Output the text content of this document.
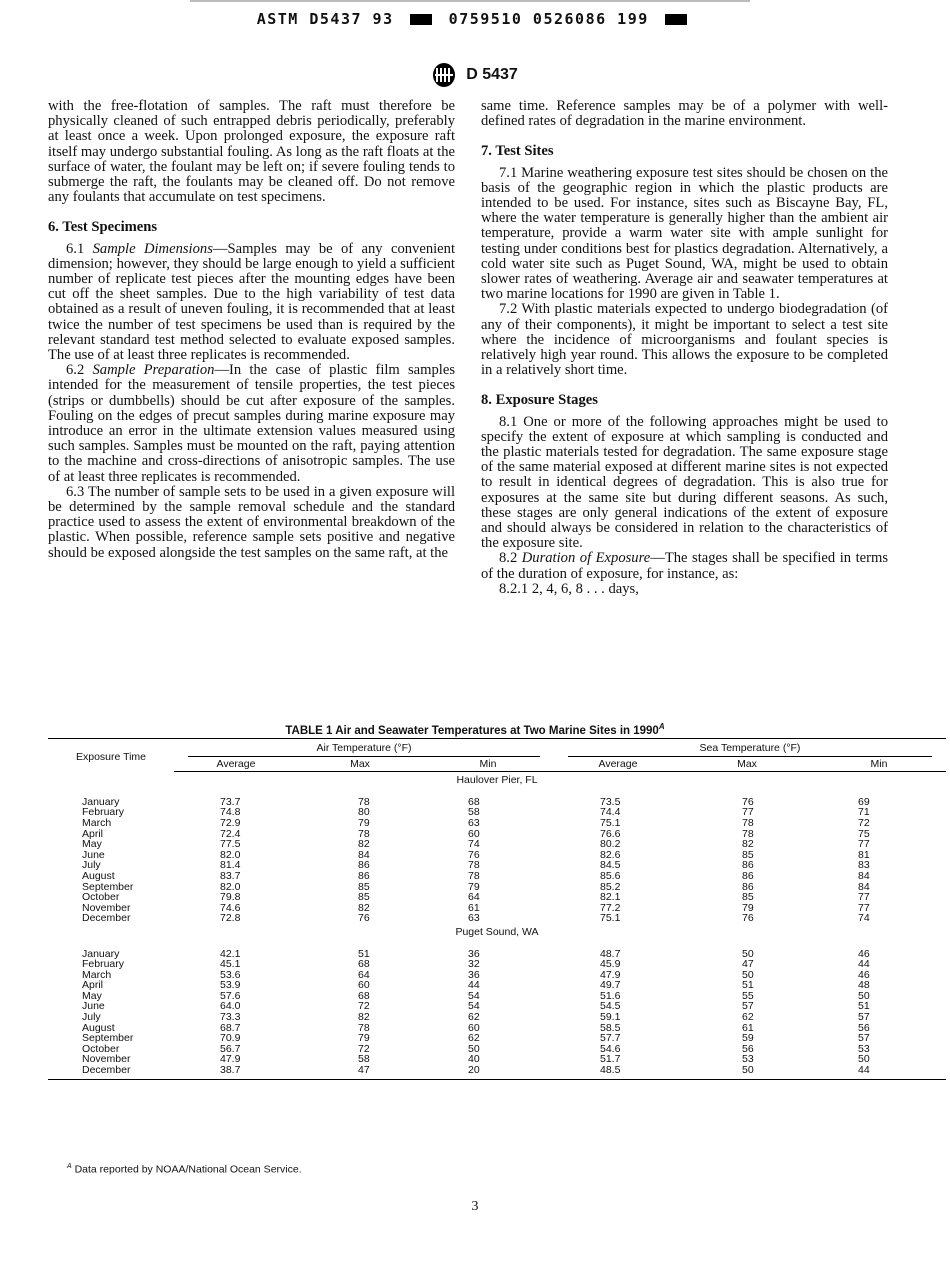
ASTM D5437 93	0759510 0526086 199
D 5437

with the free-flotation of samples. The raft must therefore be physically cleaned of such entrapped debris periodically, preferably at least once a week. Upon prolonged exposure, the exposure raft itself may undergo substantial fouling. As long as the raft floats at the surface of water, the foulant may be left on; if severe fouling tends to submerge the raft, the foulants may be cleaned off. Do not remove any foulants that accumulate on test specimens.

6. Test Specimens

6.1 Sample Dimensions—Samples may be of any convenient dimension; however, they should be large enough to yield a sufficient number of replicate test pieces after the mounting edges have been cut off the sheet samples. Due to the high variability of test data obtained as a result of uneven fouling, it is recommended that at least twice the number of test specimens be used than is required by the relevant standard test method selected to evaluate exposed samples. The use of at least three replicates is recommended.

6.2 Sample Preparation—In the case of plastic film samples intended for the measurement of tensile properties, the test pieces (strips or dumbbells) should be cut after exposure of the samples. Fouling on the edges of precut samples during marine exposure may introduce an error in the ultimate extension values measured using such samples. Samples must be mounted on the raft, paying attention to the machine and cross-directions of anisotropic samples. The use of at least three replicates is recommended.

6.3 The number of sample sets to be used in a given exposure will be determined by the sample removal schedule and the standard practice used to assess the extent of environmental breakdown of the plastic. When possible, reference sample sets positive and negative should be exposed alongside the test samples on the same raft, at the

same time. Reference samples may be of a polymer with well-defined rates of degradation in the marine environment.

7. Test Sites

7.1 Marine weathering exposure test sites should be chosen on the basis of the geographic region in which the plastic products are intended to be used. For instance, sites such as Biscayne Bay, FL, where the water temperature is generally higher than the ambient air temperature, provide a warm water site with ample sunlight for testing under conditions best for plastics degradation. Alternatively, a cold water site such as Puget Sound, WA, might be used to obtain slower rates of weathering. Average air and seawater temperatures at two marine locations for 1990 are given in Table 1.

7.2 With plastic materials expected to undergo biodegradation (of any of their components), it might be important to select a test site where the incidence of microorganisms and foulant species is relatively high year round. This allows the exposure to be completed in a relatively short time.

8. Exposure Stages

8.1 One or more of the following approaches might be used to specify the extent of exposure at which sampling is conducted and the plastic materials tested for degradation. The same exposure stage of the same material exposed at different marine sites is not expected to result in identical degrees of degradation. This is also true for exposures at the same site but during different seasons. As such, these stages are only general indications of the extent of exposure and should always be considered in relation to the characteristics of the exposure site.

8.2 Duration of Exposure—The stages shall be specified in terms of the duration of exposure, for instance, as:

8.2.1 2, 4, 6, 8 . . . days,

TABLE 1 Air and Seawater Temperatures at Two Marine Sites in $1990^A$
Exposure Time	Air Temperature (°F)			Sea Temperature (°F)		

	Average	Max	Min	Average	Max	Min
Haulover Pier, FL						
January	73.7	78	68	73.5	76	69
February	74.8	80	58	74.4	77	71
March	72.9	79	63	75.1	78	72
April	72.4	78	60	76.6	78	75
May	77.5	82	74	80.2	82	77
June	82.0	84	76	82.6	85	81
July	81.4	86	78	84.5	86	83
August	83.7	86	78	85.6	86	84
September	82.0	85	79	85.2	86	84
October	79.8	85	64	82.1	85	77
November	74.6	82	61	77.2	79	77
December	72.8	76	63	75.1	76	74
Puget Sound, WA						
January	42.1	51	36	48.7	50	46
February	45.1	68	32	45.9	47	44
March	53.6	64	36	47.9	50	46
April	53.9	60	44	49.7	51	48
May	57.6	68	54	51.6	55	50
June	64.0	72	54	54.5	57	51
July	73.3	82	62	59.1	62	57
August	68.7	78	60	58.5	61	56
September	70.9	79	62	57.7	59	57
October	56.7	72	50	54.6	56	53
November	47.9	58	40	51.7	53	50
December	38.7	47	20	48.5	50	44

$^A$ Data reported by NOAA/National Ocean Service.
3
